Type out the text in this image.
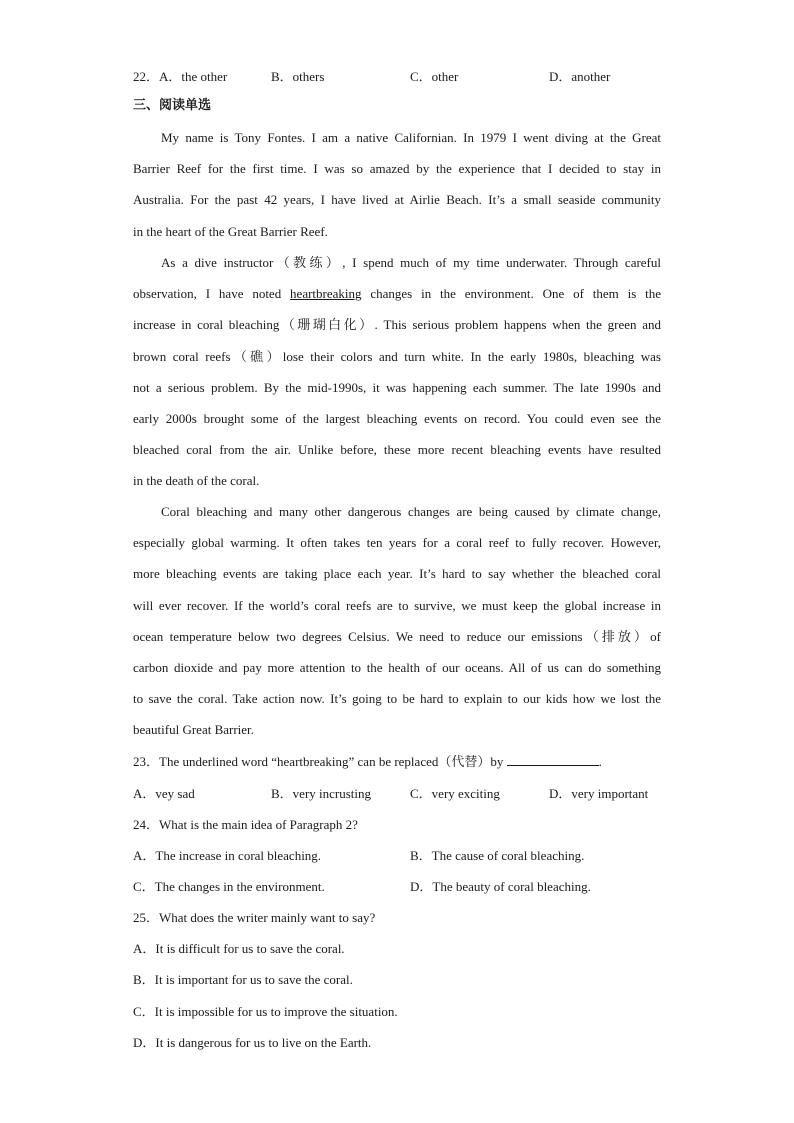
22．A．the other	B．others	C．other	D．another
三、阅读单选
My name is Tony Fontes. I am a native Californian. In 1979 I went diving at the Great
Barrier Reef for the first time. I was so amazed by the experience that I decided to stay in
Australia. For the past 42 years, I have lived at Airlie Beach. It’s a small seaside community
in the heart of the Great Barrier Reef.
As a dive instructor（教练）, I spend much of my time underwater. Through careful
observation, I have noted heartbreaking changes in the environment. One of them is the
increase in coral bleaching（珊瑚白化）. This serious problem happens when the green and
brown coral reefs（礁）lose their colors and turn white. In the early 1980s, bleaching was
not a serious problem. By the mid-1990s, it was happening each summer. The late 1990s and
early 2000s brought some of the largest bleaching events on record. You could even see the
bleached coral from the air. Unlike before, these more recent bleaching events have resulted
in the death of the coral.
Coral bleaching and many other dangerous changes are being caused by climate change,
especially global warming. It often takes ten years for a coral reef to fully recover. However,
more bleaching events are taking place each year. It’s hard to say whether the bleached coral
will ever recover. If the world’s coral reefs are to survive, we must keep the global increase in
ocean temperature below two degrees Celsius. We need to reduce our emissions（排放）of
carbon dioxide and pay more attention to the health of our oceans. All of us can do something
to save the coral. Take action now. It’s going to be hard to explain to our kids how we lost the
beautiful Great Barrier.
23．The underlined word “heartbreaking” can be replaced（代替）by	.
A．vey sad	B．very incrusting	C．very exciting	D．very important
24．What is the main idea of Paragraph 2?
A．The increase in coral bleaching.	B．The cause of coral bleaching.
C．The changes in the environment.	D．The beauty of coral bleaching.
25．What does the writer mainly want to say?
A．It is difficult for us to save the coral.
B．It is important for us to save the coral.
C．It is impossible for us to improve the situation.
D．It is dangerous for us to live on the Earth.
